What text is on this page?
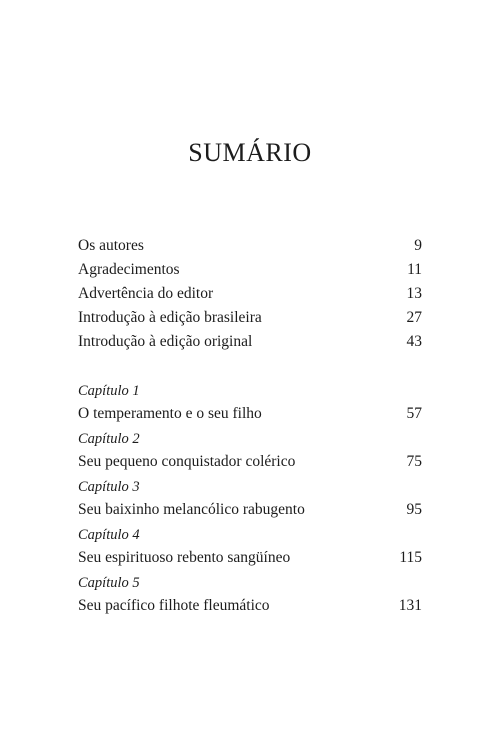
SUMÁRIO
Os autores	9
Agradecimentos	11
Advertência do editor	13
Introdução à edição brasileira	27
Introdução à edição original	43
Capítulo 1
O temperamento e o seu filho	57
Capítulo 2
Seu pequeno conquistador colérico	75
Capítulo 3
Seu baixinho melancólico rabugento	95
Capítulo 4
Seu espirituoso rebento sangüíneo	115
Capítulo 5
Seu pacífico filhote fleumático	131
